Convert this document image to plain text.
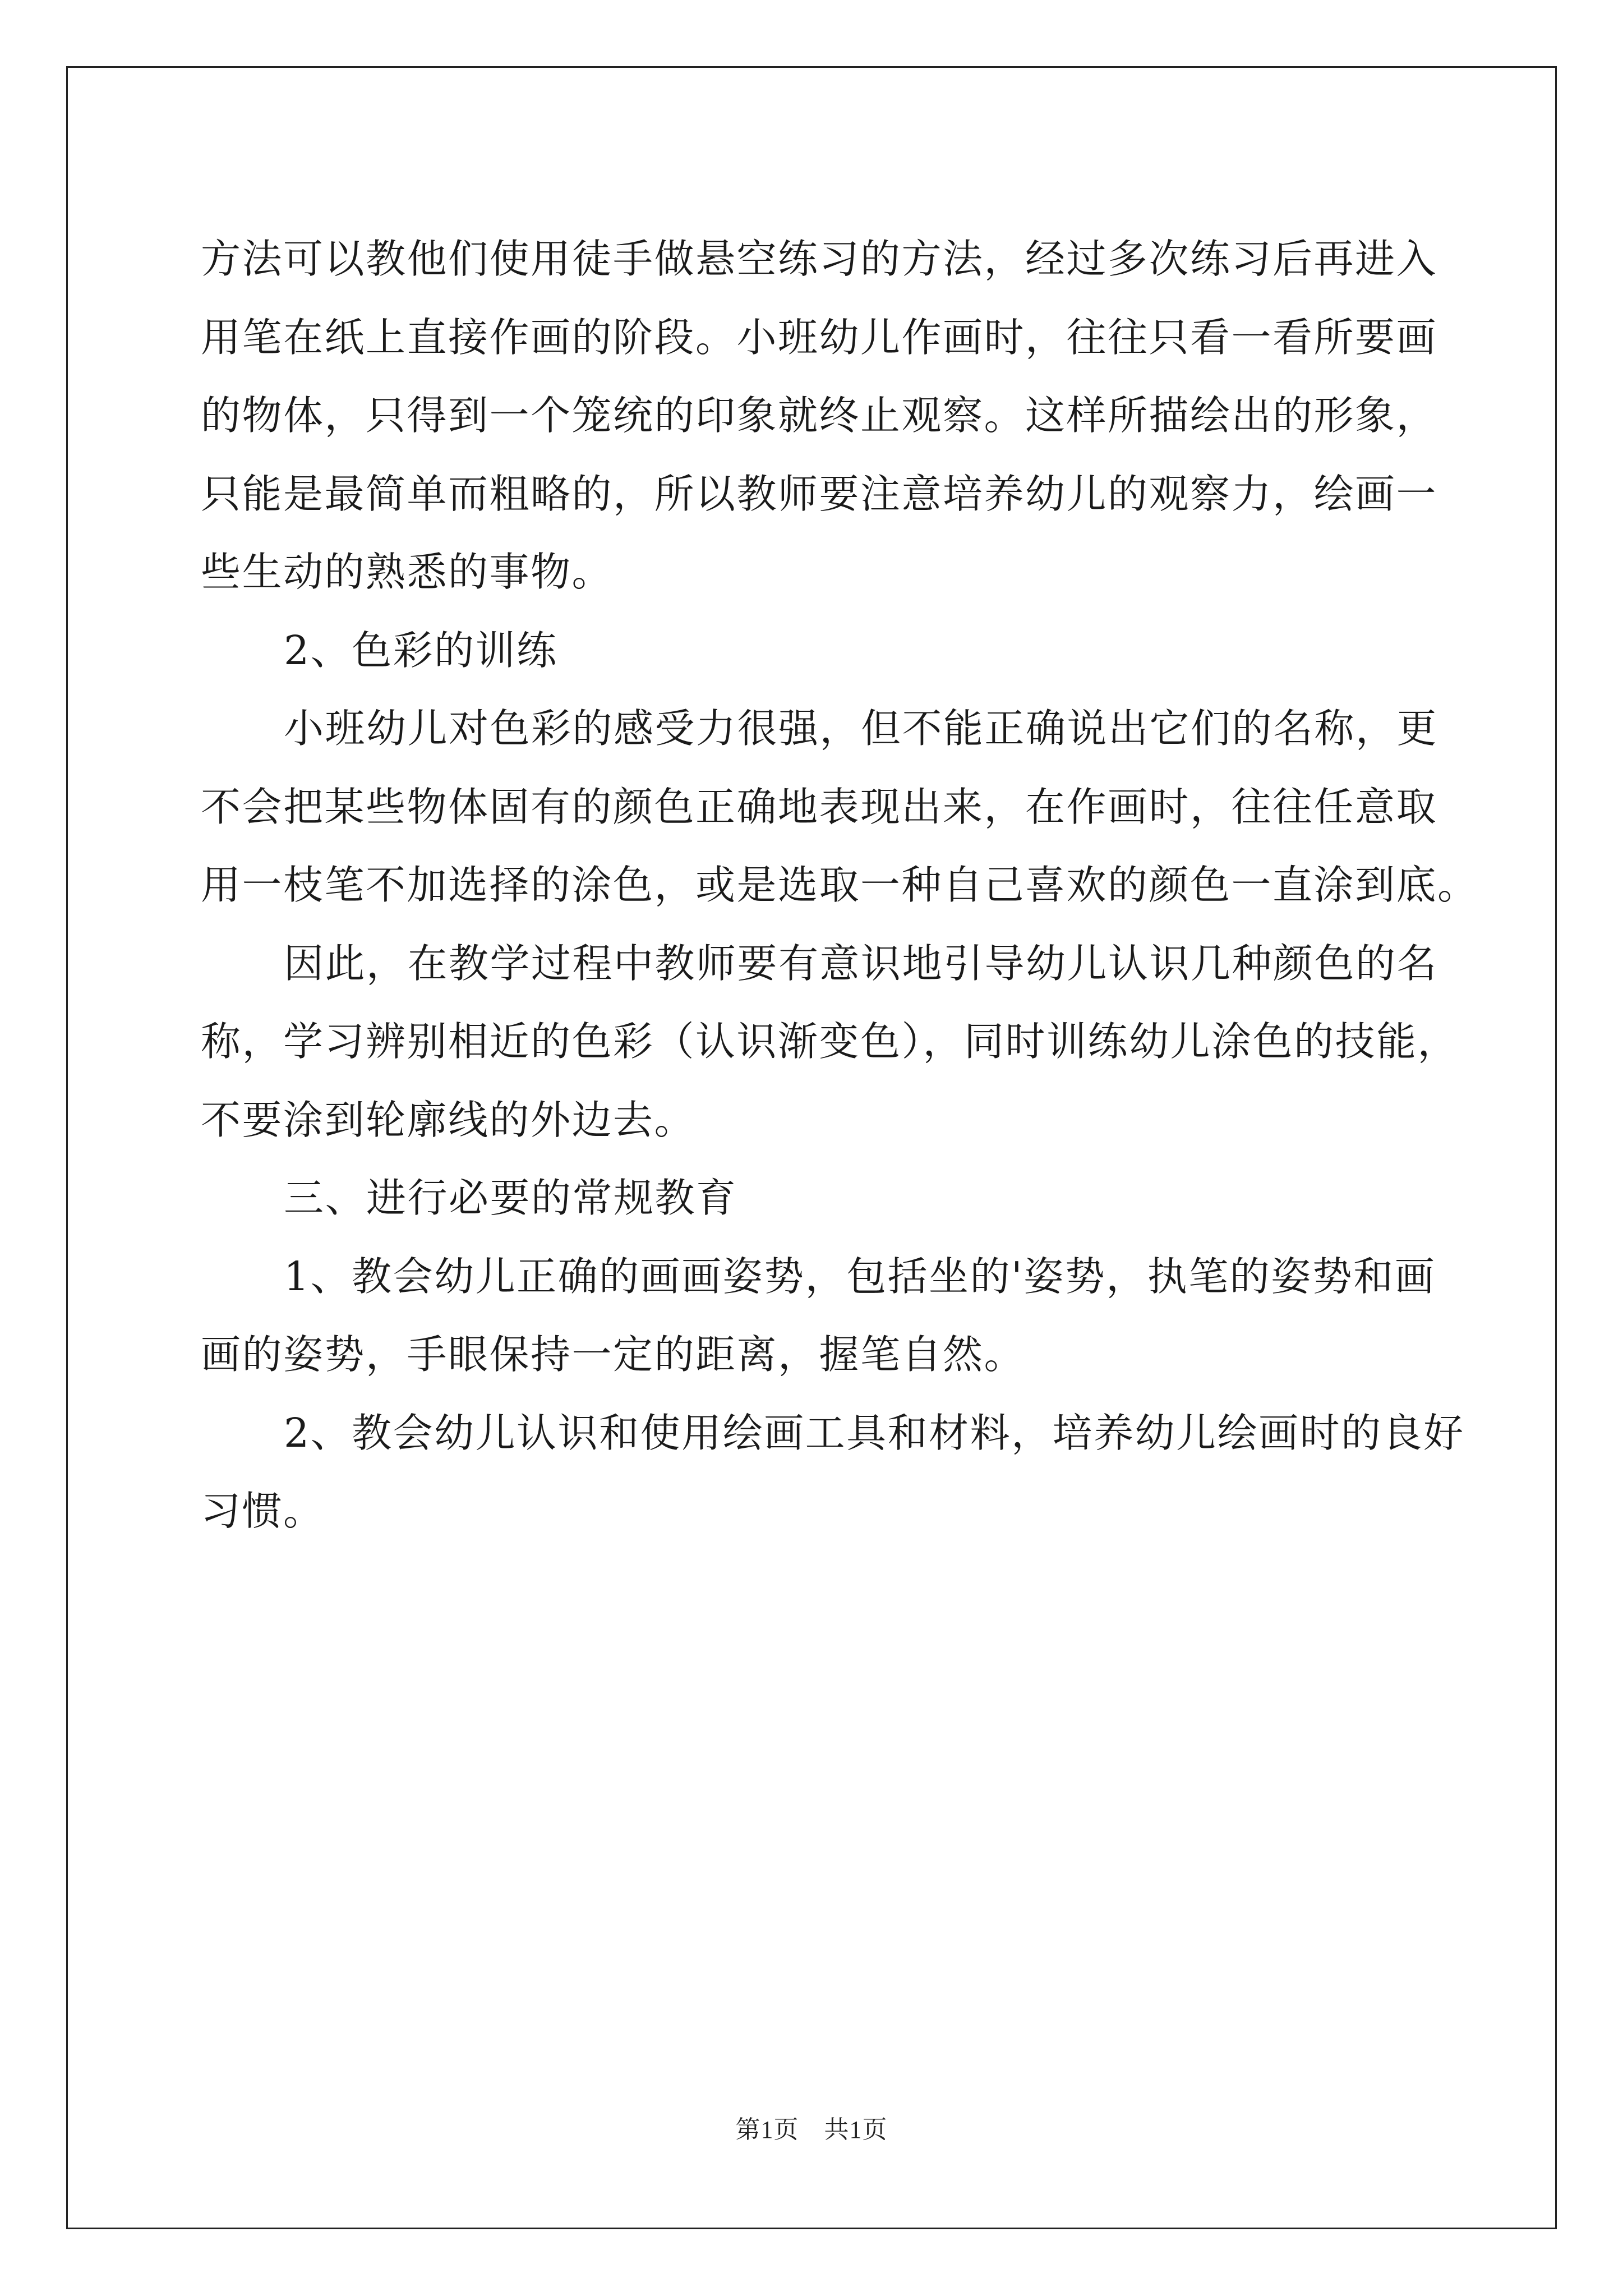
方法可以教他们使用徒手做悬空练习的方法，经过多次练习后再进入
用笔在纸上直接作画的阶段。小班幼儿作画时，往往只看一看所要画
的物体，只得到一个笼统的印象就终止观察。这样所描绘出的形象，
只能是最简单而粗略的，所以教师要注意培养幼儿的观察力，绘画一
些生动的熟悉的事物。
2、色彩的训练
小班幼儿对色彩的感受力很强，但不能正确说出它们的名称，更
不会把某些物体固有的颜色正确地表现出来，在作画时，往往任意取
用一枝笔不加选择的涂色，或是选取一种自己喜欢的颜色一直涂到底。
因此，在教学过程中教师要有意识地引导幼儿认识几种颜色的名
称，学习辨别相近的色彩（认识渐变色），同时训练幼儿涂色的技能，
不要涂到轮廓线的外边去。
三、进行必要的常规教育
1、教会幼儿正确的画画姿势，包括坐的'姿势，执笔的姿势和画
画的姿势，手眼保持一定的距离，握笔自然。
2、教会幼儿认识和使用绘画工具和材料，培养幼儿绘画时的良好
习惯。
第1页　共1页
